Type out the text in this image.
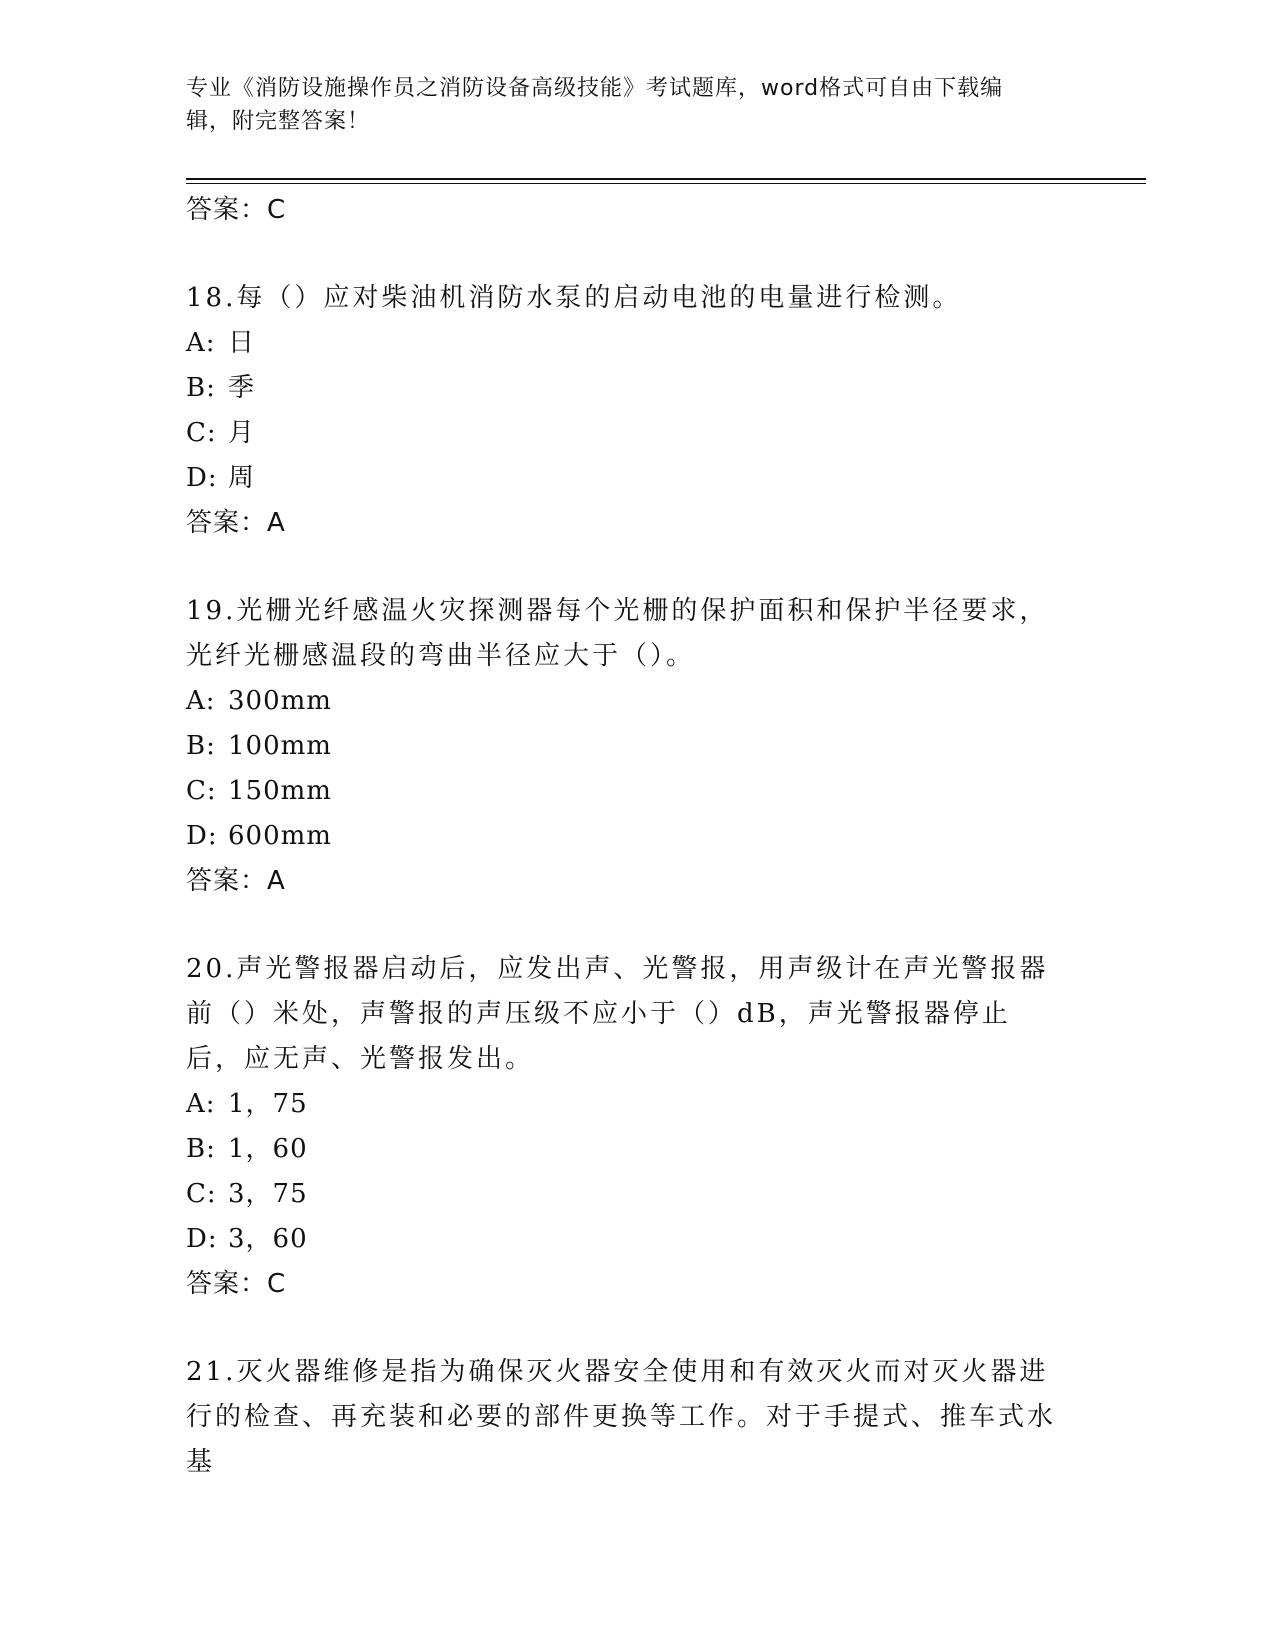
专业《消防设施操作员之消防设备高级技能》考试题库，word格式可自由下载编
辑，附完整答案！
答案：C
18.每（）应对柴油机消防水泵的启动电池的电量进行检测。
A: 日
B: 季
C: 月
D: 周
答案：A
19.光栅光纤感温火灾探测器每个光栅的保护面积和保护半径要求，光纤光栅感温段的弯曲半径应大于（）。
A: 300mm
B: 100mm
C: 150mm
D: 600mm
答案：A
20.声光警报器启动后，应发出声、光警报，用声级计在声光警报器前（）米处，声警报的声压级不应小于（）dB，声光警报器停止后，应无声、光警报发出。
A: 1，75
B: 1，60
C: 3，75
D: 3，60
答案：C
21.灭火器维修是指为确保灭火器安全使用和有效灭火而对灭火器进行的检查、再充装和必要的部件更换等工作。对于手提式、推车式水基
